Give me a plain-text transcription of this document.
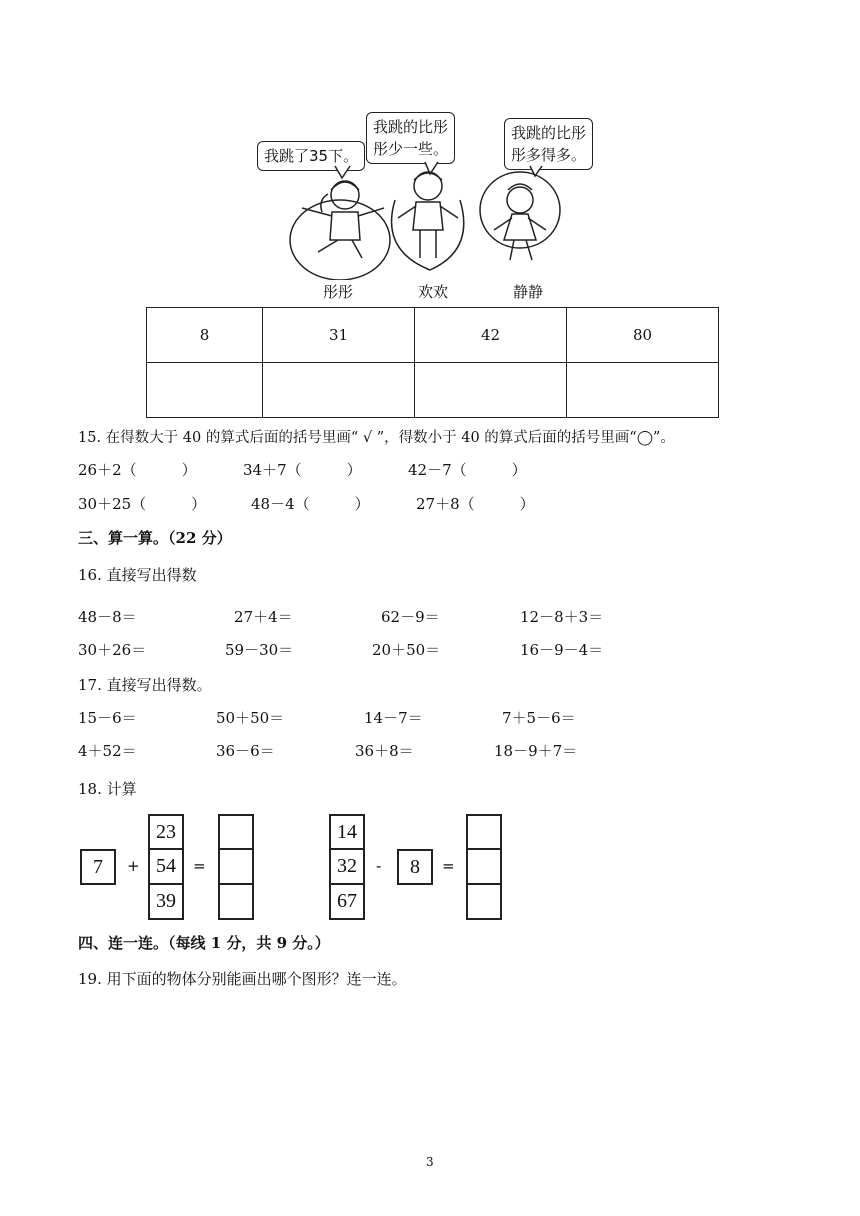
我跳了35下。
我跳的比彤
彤少一些。
我跳的比彤
彤多得多。
彤彤	欢欢	静静
8	31	42	80

15. 在得数大于 40 的算式后面的括号里画“ √ ”，得数小于 40 的算式后面的括号里画“◯”。
26＋2（　　　）	34＋7（　　　）	42－7（　　　）
30＋25（　　　）	48－4（　　　）	27＋8（　　　）
三、算一算。（22 分）
16. 直接写出得数
48－8＝	27＋4＝	62－9＝	12－8＋3＝
30＋26＝	59－30＝	20＋50＝	16－9－4＝
17. 直接写出得数。
15－6＝	50＋50＝	14－7＝	7＋5－6＝
4＋52＝	36－6＝	36＋8＝	18－9＋7＝
18. 计算
7	+
23
54
39
=
14
32
67
-	8	=
四、连一连。（每线 1 分，共 9 分。）
19. 用下面的物体分别能画出哪个图形？连一连。
3
